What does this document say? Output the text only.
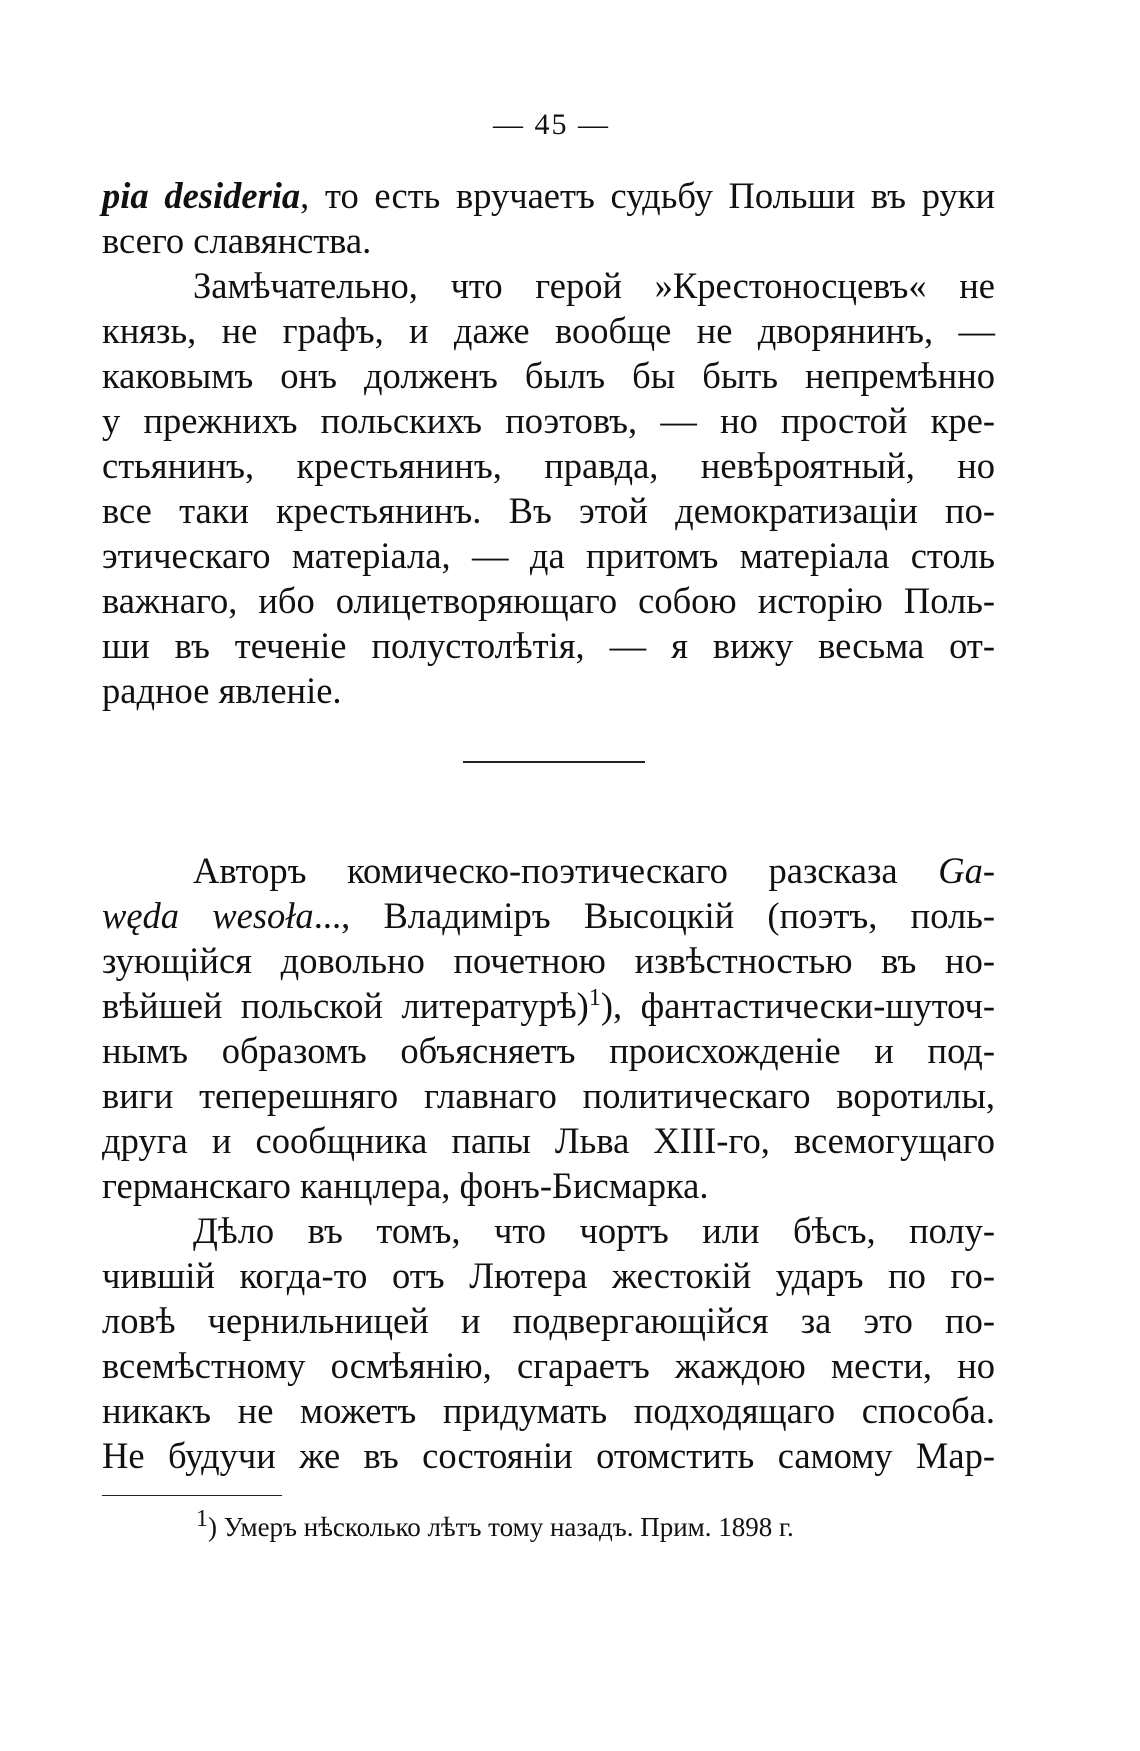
— 45 —
pia desideria, то есть вручаетъ судьбу Польши въ руки
всего славянства.
Замѣчательно, что герой »Крестоносцевъ« не
князь, не графъ, и даже вообще не дворянинъ, —
каковымъ онъ долженъ былъ бы быть непремѣнно
у прежнихъ польскихъ поэтовъ, — но простой кре-
стьянинъ, крестьянинъ, правда, невѣроятный, но
все таки крестьянинъ. Въ этой демократизаціи по-
этическаго матеріала, — да притомъ матеріала столь
важнаго, ибо олицетворяющаго собою исторію Поль-
ши въ теченіе полустолѣтія, — я вижу весьма от-
радное явленіе.
Авторъ комическо-поэтическаго разсказа Ga-
węda wesoła..., Владиміръ Высоцкій (поэтъ, поль-
зующійся довольно почетною извѣстностью въ но-
вѣйшей польской литературѣ)$^1$), фантастически-шуточ-
нымъ образомъ объясняетъ происхожденіе и под-
виги теперешняго главнаго политическаго воротилы,
друга и сообщника папы Льва XIII-го, всемогущаго
германскаго канцлера, фонъ-Бисмарка.
Дѣло въ томъ, что чортъ или бѣсъ, полу-
чившій когда-то отъ Лютера жестокій ударъ по го-
ловѣ чернильницей и подвергающійся за это по-
всемѣстному осмѣянію, сгараетъ жаждою мести, но
никакъ не можетъ придумать подходящаго способа.
Не будучи же въ состояніи отомстить самому Мар-
1) Умеръ нѣсколько лѣтъ тому назадъ. Прим. 1898 г.
